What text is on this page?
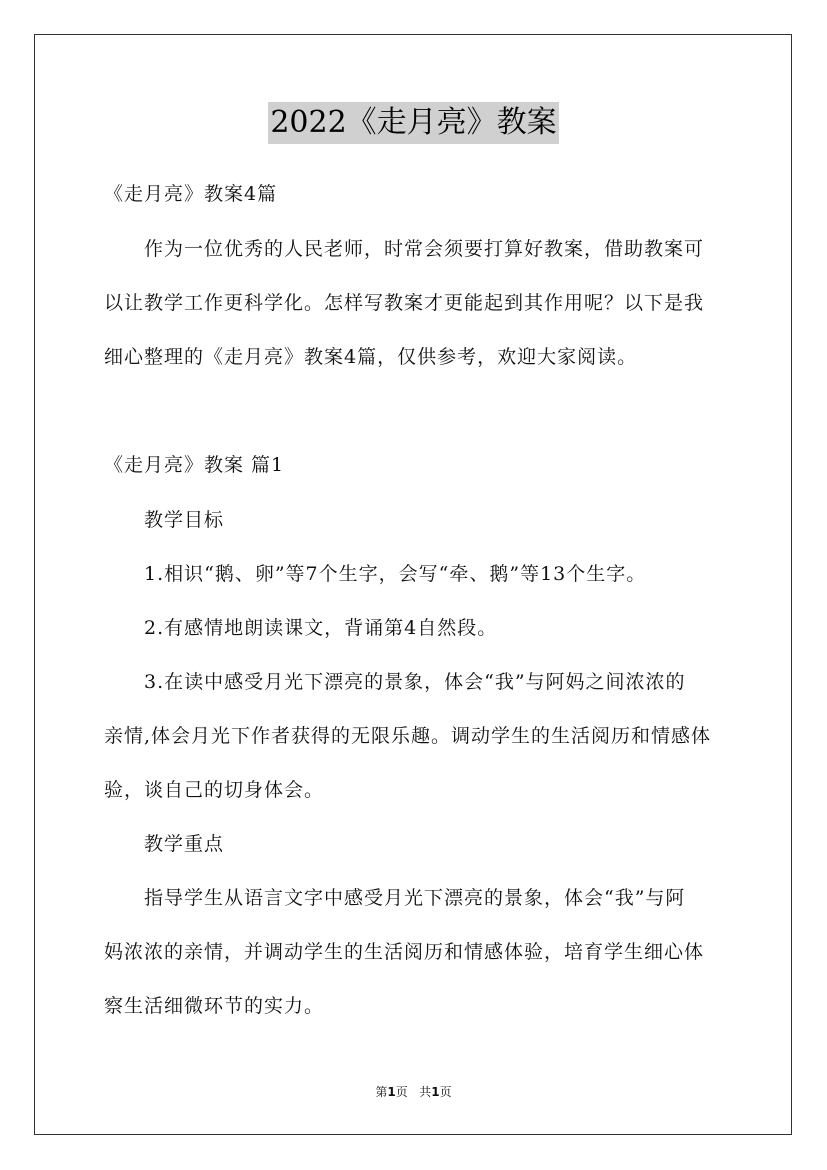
2022《走月亮》教案
《走月亮》教案4篇
作为一位优秀的人民老师，时常会须要打算好教案，借助教案可
以让教学工作更科学化。怎样写教案才更能起到其作用呢？以下是我
细心整理的《走月亮》教案4篇，仅供参考，欢迎大家阅读。
《走月亮》教案 篇1
教学目标
1.相识“鹅、卵”等7个生字，会写“牵、鹅”等13个生字。
2.有感情地朗读课文，背诵第4自然段。
3.在读中感受月光下漂亮的景象，体会“我”与阿妈之间浓浓的
亲情,体会月光下作者获得的无限乐趣。调动学生的生活阅历和情感体
验，谈自己的切身体会。
教学重点
指导学生从语言文字中感受月光下漂亮的景象，体会“我”与阿
妈浓浓的亲情，并调动学生的生活阅历和情感体验，培育学生细心体
察生活细微环节的实力。
第1页 共1页
